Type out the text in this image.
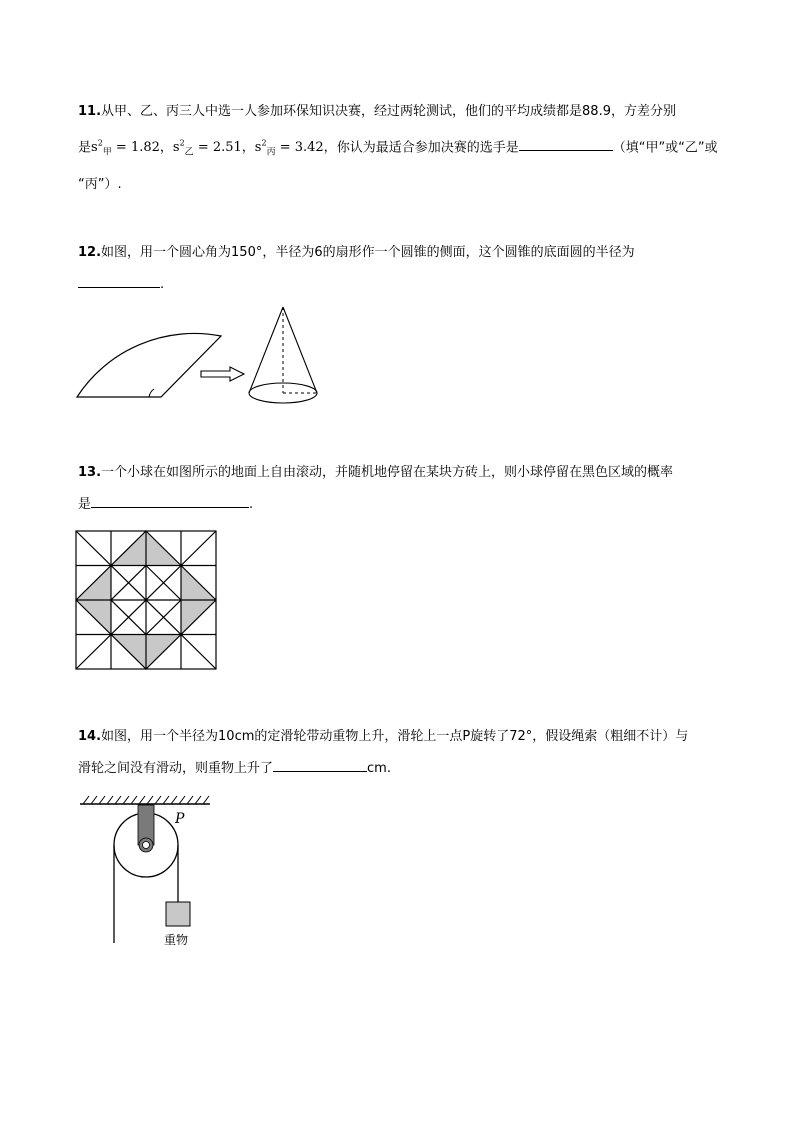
11.从甲、乙、丙三人中选一人参加环保知识决赛，经过两轮测试，他们的平均成绩都是88.9，方差分别
是$s^2_甲 = 1.82$，$s^2_乙 = 2.51$，$s^2_丙 = 3.42$，你认为最适合参加决赛的选手是	（填“甲”或“乙”或
“丙”）.
12.如图，用一个圆心角为150°，半径为6的扇形作一个圆锥的侧面，这个圆锥的底面圆的半径为
.
13.一个小球在如图所示的地面上自由滚动，并随机地停留在某块方砖上，则小球停留在黑色区域的概率
是	.
14.如图，用一个半径为10cm的定滑轮带动重物上升，滑轮上一点P旋转了72°，假设绳索（粗细不计）与
滑轮之间没有滑动，则重物上升了	cm.
P
重物
